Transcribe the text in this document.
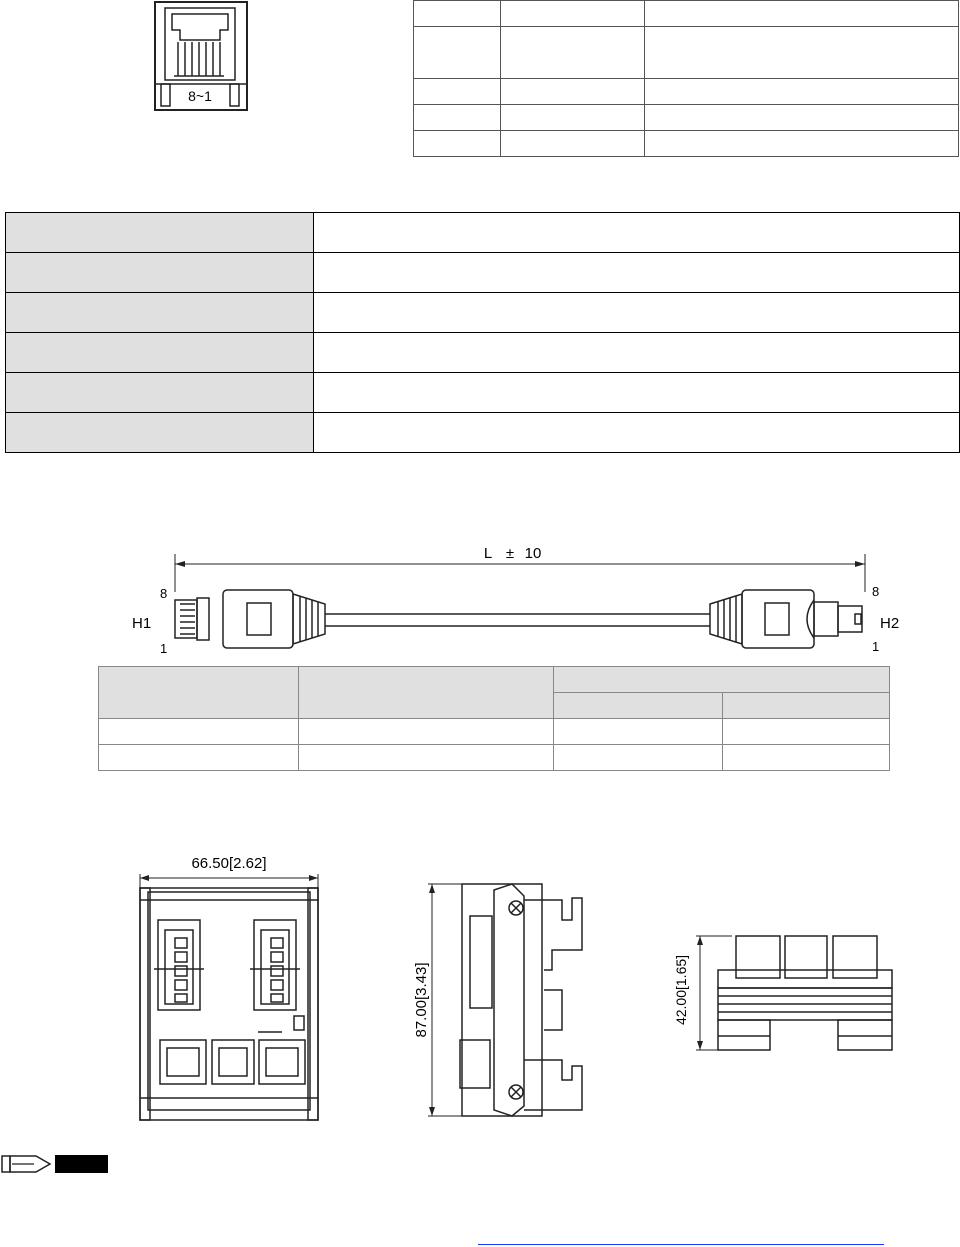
8~1

L ± 10
H1	H2
8
1
8
1

66.50[2.62]
87.00[3.43]	42.00[1.65]
